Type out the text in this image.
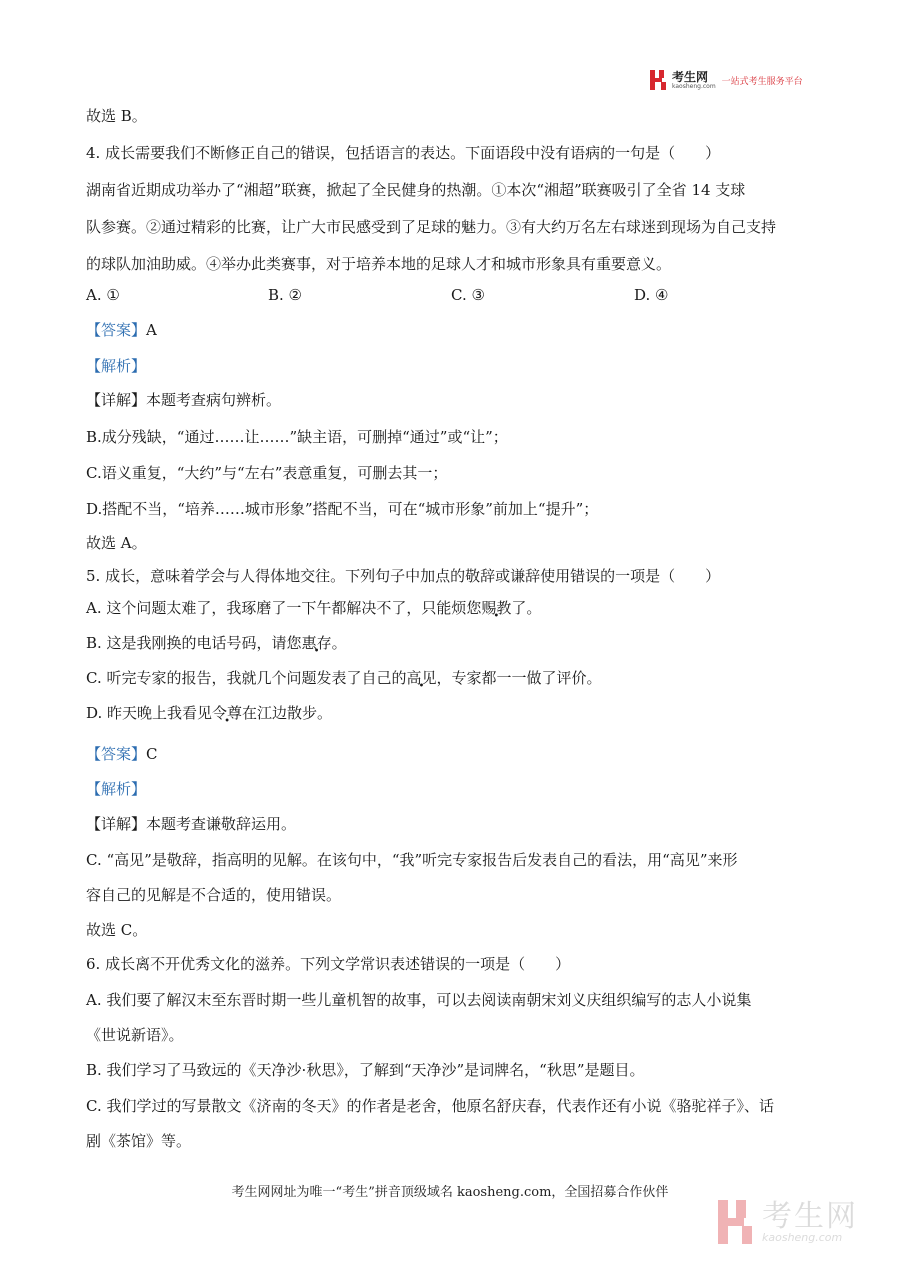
考生网
kaosheng.com 一站式考生服务平台
故选 B。
4. 成长需要我们不断修正自己的错误，包括语言的表达。下面语段中没有语病的一句是（　　）
湖南省近期成功举办了“湘超”联赛，掀起了全民健身的热潮。①本次“湘超”联赛吸引了全省 14 支球
队参赛。②通过精彩的比赛，让广大市民感受到了足球的魅力。③有大约万名左右球迷到现场为自己支持
的球队加油助威。④举办此类赛事，对于培养本地的足球人才和城市形象具有重要意义。
A. ①	B. ②	C. ③	D. ④
【答案】A
【解析】
【详解】本题考查病句辨析。
B.成分残缺，“通过……让……”缺主语，可删掉“通过”或“让”；
C.语义重复，“大约”与“左右”表意重复，可删去其一；
D.搭配不当，“培养……城市形象”搭配不当，可在“城市形象”前加上“提升”；
故选 A。
5. 成长，意味着学会与人得体地交往。下列句子中加点的敬辞或谦辞使用错误的一项是（　　）
A. 这个问题太难了，我琢磨了一下午都解决不了，只能烦您赐教了。
B. 这是我刚换的电话号码，请您惠存。
C. 听完专家的报告，我就几个问题发表了自己的高见，专家都一一做了评价。
D. 昨天晚上我看见令尊在江边散步。
【答案】C
【解析】
【详解】本题考查谦敬辞运用。
C. “高见”是敬辞，指高明的见解。在该句中，“我”听完专家报告后发表自己的看法，用“高见”来形
容自己的见解是不合适的，使用错误。
故选 C。
6. 成长离不开优秀文化的滋养。下列文学常识表述错误的一项是（　　）
A. 我们要了解汉末至东晋时期一些儿童机智的故事，可以去阅读南朝宋刘义庆组织编写的志人小说集
《世说新语》。
B. 我们学习了马致远的《天净沙·秋思》，了解到“天净沙”是词牌名，“秋思”是题目。
C. 我们学过的写景散文《济南的冬天》的作者是老舍，他原名舒庆春，代表作还有小说《骆驼祥子》、话
剧《茶馆》等。
考生网网址为唯一“考生”拼音顶级域名 kaosheng.com，全国招募合作伙伴
考生网
kaosheng.com
